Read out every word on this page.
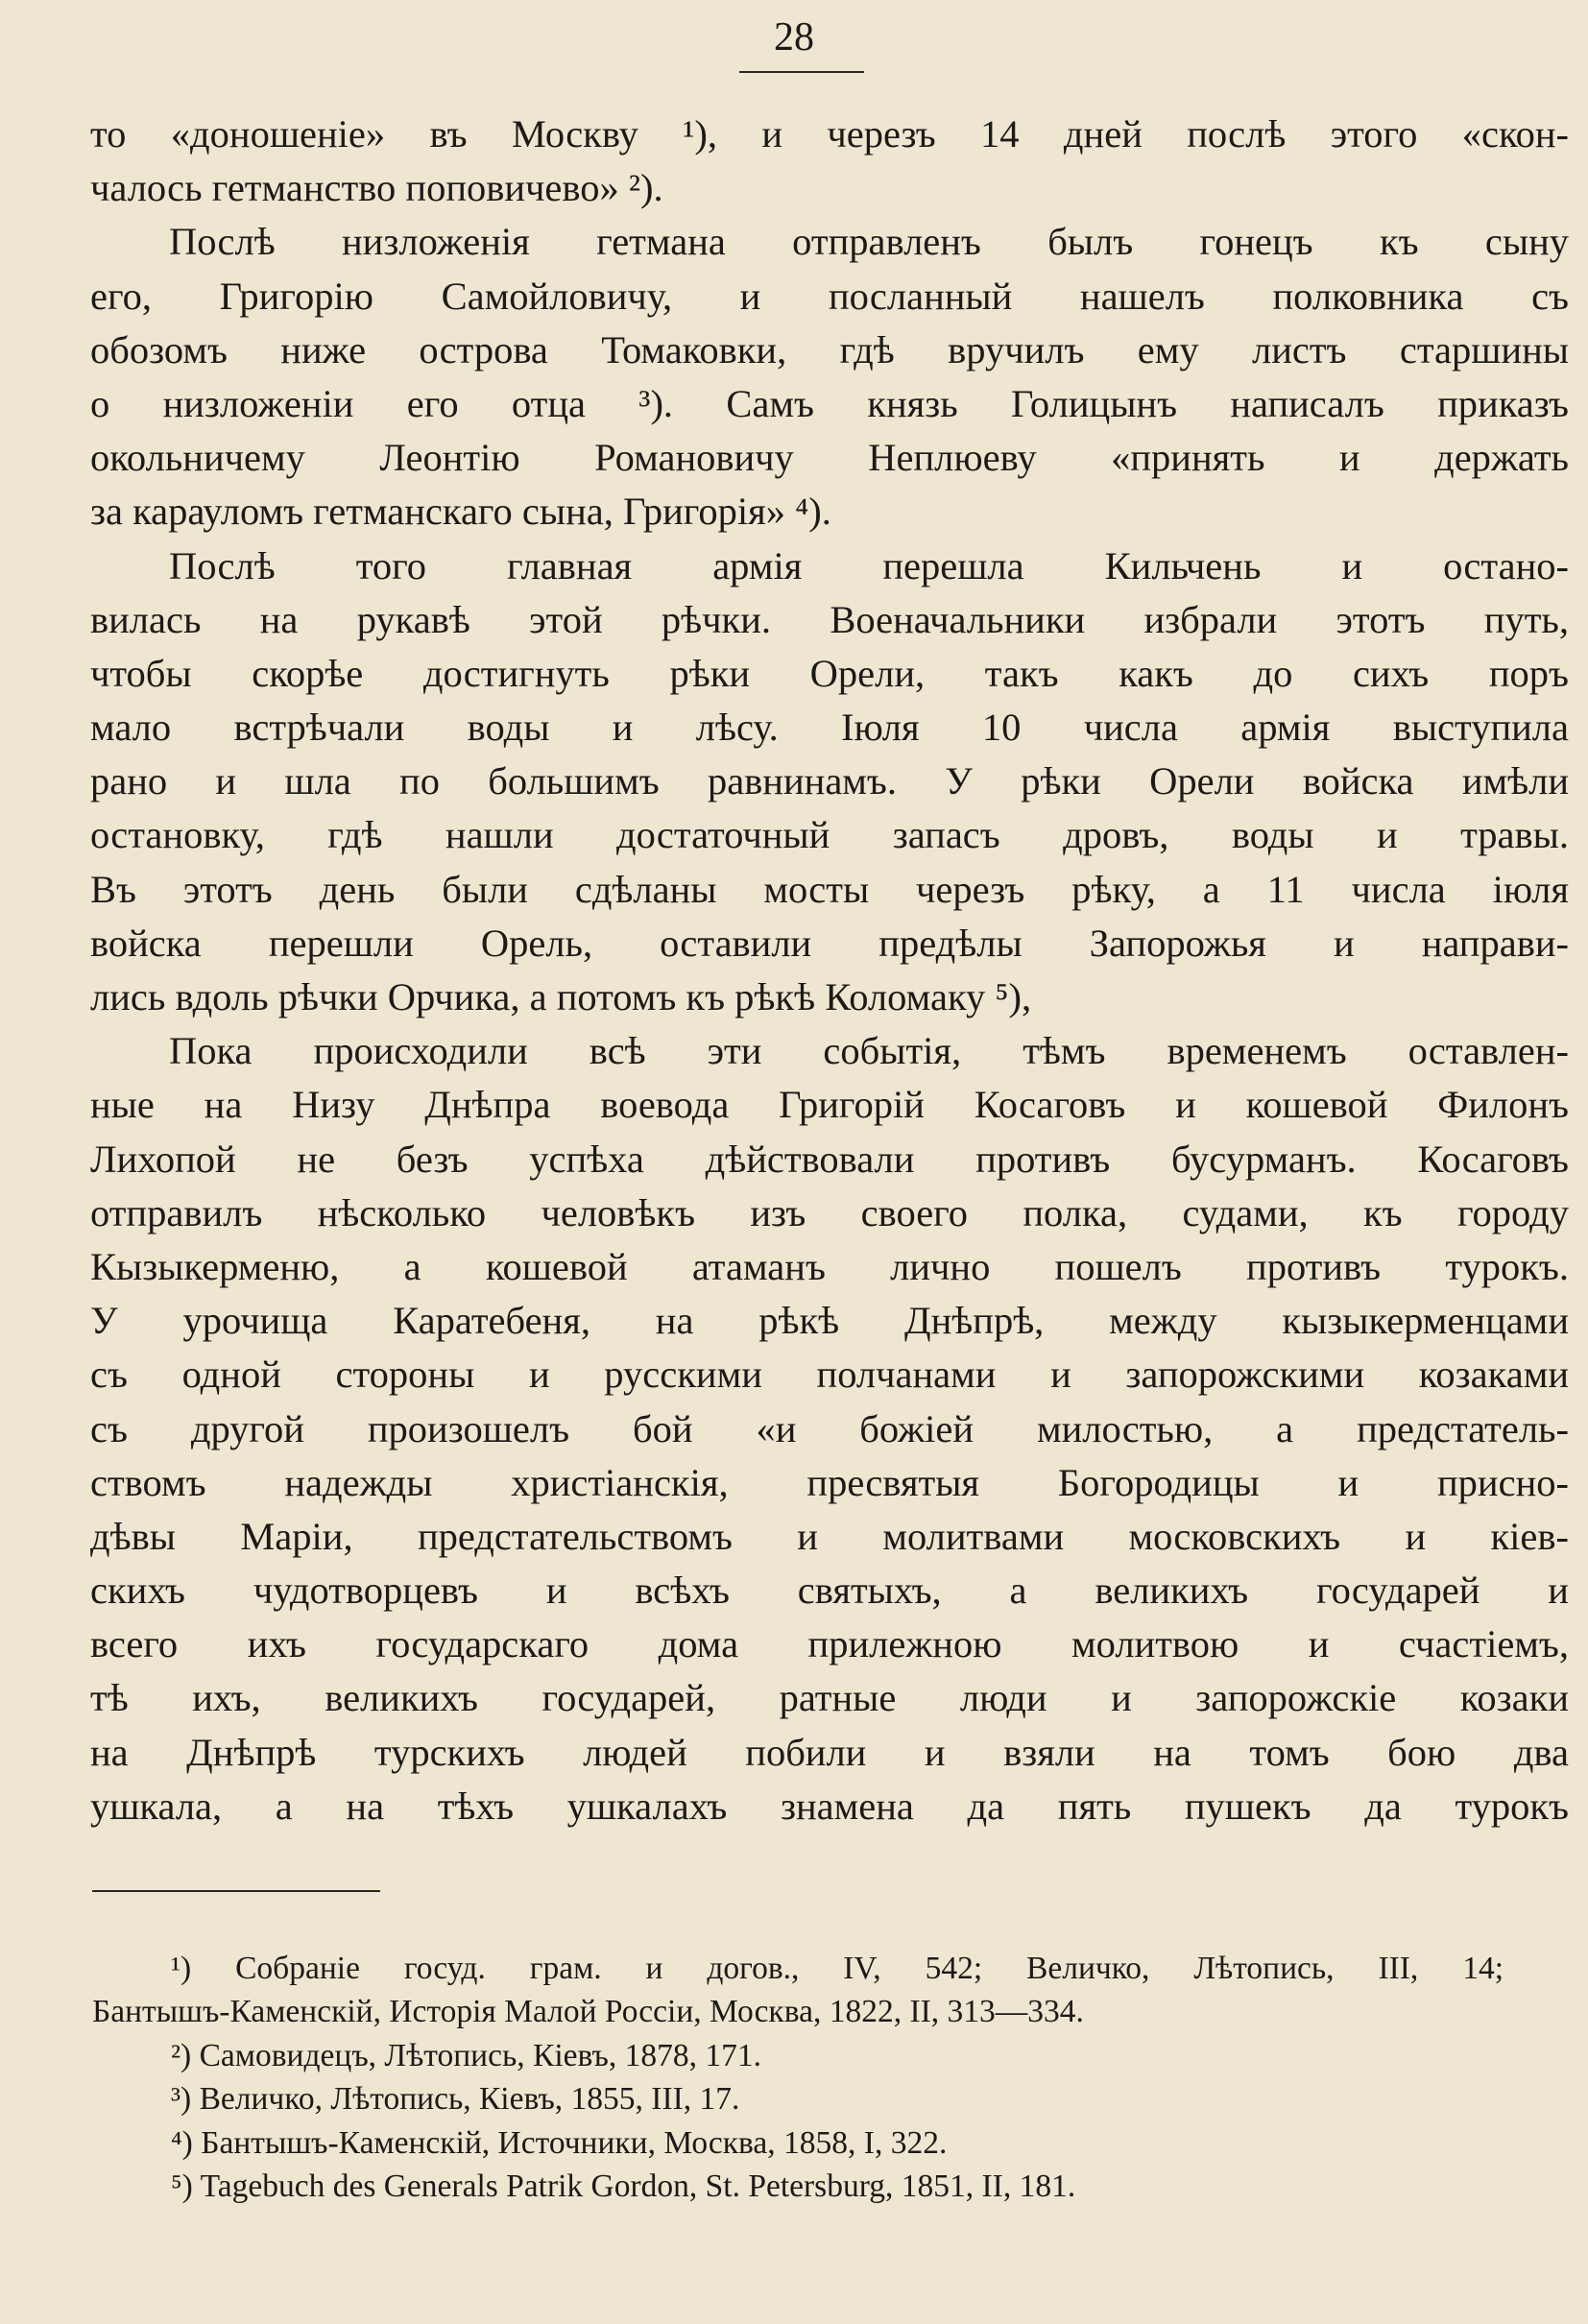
28
то «доношеніе» въ Москву ¹), и черезъ 14 дней послѣ этого «скон-
чалось гетманство поповичево» ²).
Послѣ низложенія гетмана отправленъ былъ гонецъ къ сыну
его, Григорію Самойловичу, и посланный нашелъ полковника съ
обозомъ ниже острова Томаковки, гдѣ вручилъ ему листъ старшины
о низложеніи его отца ³). Самъ князь Голицынъ написалъ приказъ
окольничему Леонтію Романовичу Неплюеву «принять и держать
за карауломъ гетманскаго сына, Григорія» ⁴).
Послѣ того главная армія перешла Кильчень и остано-
вилась на рукавѣ этой рѣчки. Военачальники избрали этотъ путь,
чтобы скорѣе достигнуть рѣки Орели, такъ какъ до сихъ поръ
мало встрѣчали воды и лѣсу. Іюля 10 числа армія выступила
рано и шла по большимъ равнинамъ. У рѣки Орели войска имѣли
остановку, гдѣ нашли достаточный запасъ дровъ, воды и травы.
Въ этотъ день были сдѣланы мосты черезъ рѣку, а 11 числа іюля
войска перешли Орель, оставили предѣлы Запорожья и направи-
лись вдоль рѣчки Орчика, а потомъ къ рѣкѣ Коломаку ⁵),
Пока происходили всѣ эти событія, тѣмъ временемъ оставлен-
ные на Низу Днѣпра воевода Григорій Косаговъ и кошевой Филонъ
Лихопой не безъ успѣха дѣйствовали противъ бусурманъ. Косаговъ
отправилъ нѣсколько человѣкъ изъ своего полка, судами, къ городу
Кызыкерменю, а кошевой атаманъ лично пошелъ противъ турокъ.
У урочища Каратебеня, на рѣкѣ Днѣпрѣ, между кызыкерменцами
съ одной стороны и русскими полчанами и запорожскими козаками
съ другой произошелъ бой «и божіей милостью, а предстатель-
ствомъ надежды христіанскія, пресвятыя Богородицы и присно-
дѣвы Маріи, предстательствомъ и молитвами московскихъ и кіев-
скихъ чудотворцевъ и всѣхъ святыхъ, а великихъ государей и
всего ихъ государскаго дома прилежною молитвою и счастіемъ,
тѣ ихъ, великихъ государей, ратные люди и запорожскіе козаки
на Днѣпрѣ турскихъ людей побили и взяли на томъ бою два
ушкала, а на тѣхъ ушкалахъ знамена да пять пушекъ да турокъ
¹) Собраніе госуд. грам. и догов., IV, 542; Величко, Лѣтопись, III, 14;
Бантышъ-Каменскій, Исторія Малой Россіи, Москва, 1822, II, 313—334.
²) Самовидецъ, Лѣтопись, Кіевъ, 1878, 171.
³) Величко, Лѣтопись, Кіевъ, 1855, III, 17.
⁴) Бантышъ-Каменскій, Источники, Москва, 1858, I, 322.
⁵) Tagebuch des Generals Patrik Gordon, St. Petersburg, 1851, II, 181.
